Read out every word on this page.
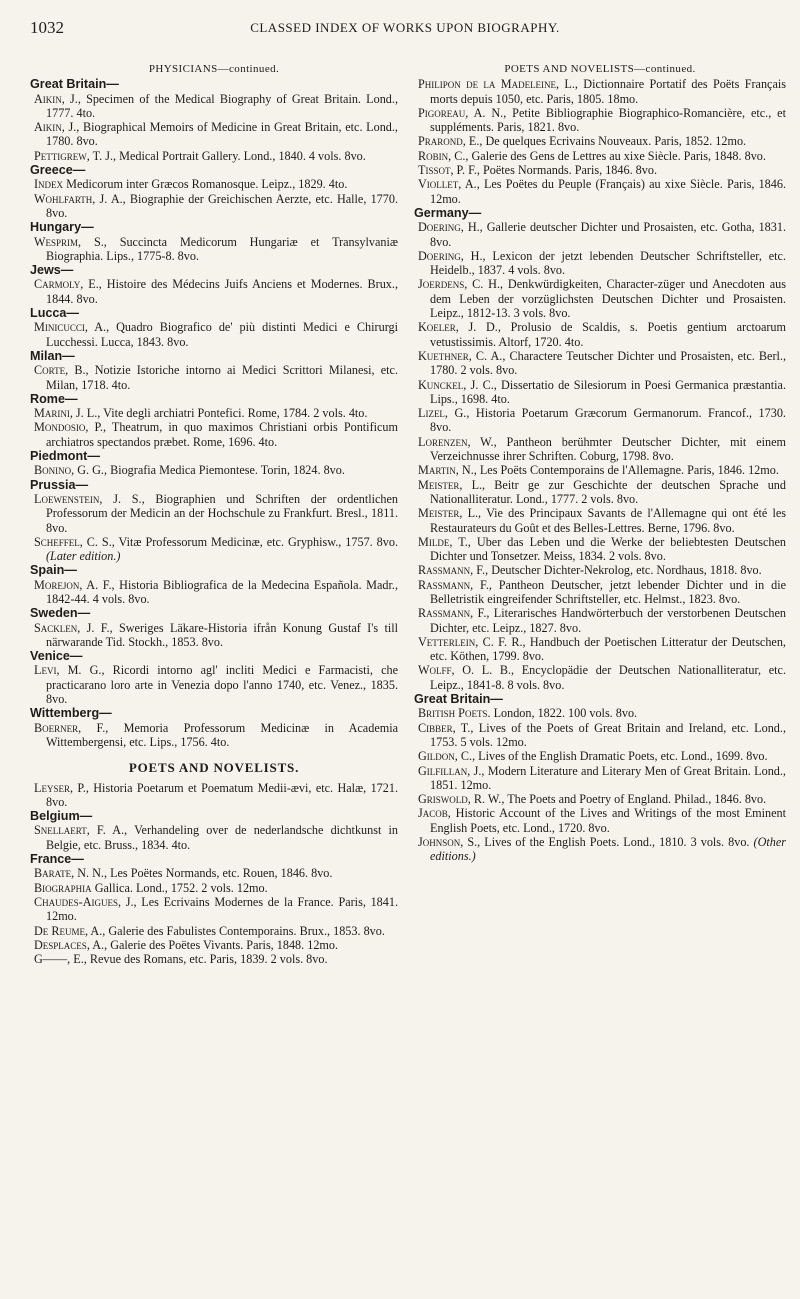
1032	CLASSED INDEX OF WORKS UPON BIOGRAPHY.
PHYSICIANS—continued.
Great Britain—
Aikin, J., Specimen of the Medical Biography of Great Britain. Lond., 1777. 4to.
Aikin, J., Biographical Memoirs of Medicine in Great Britain, etc. Lond., 1780. 8vo.
Pettigrew, T. J., Medical Portrait Gallery. Lond., 1840. 4 vols. 8vo.
Greece—
Index Medicorum inter Græcos Romanosque. Leipz., 1829. 4to.
Wohlfarth, J. A., Biographie der Greichischen Aerzte, etc. Halle, 1770. 8vo.
Hungary—
Wesprim, S., Succincta Medicorum Hungariæ et Transylvaniæ Biographia. Lips., 1775-8. 8vo.
Jews—
Carmoly, E., Histoire des Médecins Juifs Anciens et Modernes. Brux., 1844. 8vo.
Lucca—
Minicucci, A., Quadro Biografico de' più distinti Medici e Chirurgi Lucchessi. Lucca, 1843. 8vo.
Milan—
Corte, B., Notizie Istoriche intorno ai Medici Scrittori Milanesi, etc. Milan, 1718. 4to.
Rome—
Marini, J. L., Vite degli archiatri Pontefici. Rome, 1784. 2 vols. 4to.
Mondosio, P., Theatrum, in quo maximos Christiani orbis Pontificum archiatros spectandos præbet. Rome, 1696. 4to.
Piedmont—
Bonino, G. G., Biografia Medica Piemontese. Torin, 1824. 8vo.
Prussia—
Loewenstein, J. S., Biographien und Schriften der ordentlichen Professorum der Medicin an der Hochschule zu Frankfurt. Bresl., 1811. 8vo.
Scheffel, C. S., Vitæ Professorum Medicinæ, etc. Gryphisw., 1757. 8vo. (Later edition.)
Spain—
Morejon, A. F., Historia Bibliografica de la Medecina Española. Madr., 1842-44. 4 vols. 8vo.
Sweden—
Sacklen, J. F., Sweriges Läkare-Historia ifrån Konung Gustaf I's till närwarande Tid. Stockh., 1853. 8vo.
Venice—
Levi, M. G., Ricordi intorno agl' incliti Medici e Farmacisti, che practicarano loro arte in Venezia dopo l'anno 1740, etc. Venez., 1835. 8vo.
Wittemberg—
Boerner, F., Memoria Professorum Medicinæ in Academia Wittembergensi, etc. Lips., 1756. 4to.
POETS AND NOVELISTS.
Leyser, P., Historia Poetarum et Poematum Medii-ævi, etc. Halæ, 1721. 8vo.
Belgium—
Snellaert, F. A., Verhandeling over de nederlandsche dichtkunst in Belgie, etc. Bruss., 1834. 4to.
France—
Barate, N. N., Les Poëtes Normands, etc. Rouen, 1846. 8vo.
Biographia Gallica. Lond., 1752. 2 vols. 12mo.
Chaudes-Aigues, J., Les Ecrivains Modernes de la France. Paris, 1841. 12mo.
De Reume, A., Galerie des Fabulistes Contemporains. Brux., 1853. 8vo.
Desplaces, A., Galerie des Poëtes Vivants. Paris, 1848. 12mo.
G——, E., Revue des Romans, etc. Paris, 1839. 2 vols. 8vo.
POETS AND NOVELISTS—continued.
Philipon de la Madeleine, L., Dictionnaire Portatif des Poëts Français morts depuis 1050, etc. Paris, 1805. 18mo.
Pigoreau, A. N., Petite Bibliographie Biographico-Romancière, etc., et suppléments. Paris, 1821. 8vo.
Prarond, E., De quelques Ecrivains Nouveaux. Paris, 1852. 12mo.
Robin, C., Galerie des Gens de Lettres au xixe Siècle. Paris, 1848. 8vo.
Tissot, P. F., Poëtes Normands. Paris, 1846. 8vo.
Viollet, A., Les Poëtes du Peuple (Français) au xixe Siècle. Paris, 1846. 12mo.
Germany—
Doering, H., Gallerie deutscher Dichter und Prosaisten, etc. Gotha, 1831. 8vo.
Doering, H., Lexicon der jetzt lebenden Deutscher Schriftsteller, etc. Heidelb., 1837. 4 vols. 8vo.
Joerdens, C. H., Denkwürdigkeiten, Character-züger und Anecdoten aus dem Leben der vorzüglichsten Deutschen Dichter und Prosaisten. Leipz., 1812-13. 3 vols. 8vo.
Koeler, J. D., Prolusio de Scaldis, s. Poetis gentium arctoarum vetustissimis. Altorf, 1720. 4to.
Kuethner, C. A., Charactere Teutscher Dichter und Prosaisten, etc. Berl., 1780. 2 vols. 8vo.
Kunckel, J. C., Dissertatio de Silesiorum in Poesi Germanica præstantia. Lips., 1698. 4to.
Lizel, G., Historia Poetarum Græcorum Germanorum. Francof., 1730. 8vo.
Lorenzen, W., Pantheon berühmter Deutscher Dichter, mit einem Verzeichnusse ihrer Schriften. Coburg, 1798. 8vo.
Martin, N., Les Poëts Contemporains de l'Allemagne. Paris, 1846. 12mo.
Meister, L., Beitr ge zur Geschichte der deutschen Sprache und Nationalliteratur. Lond., 1777. 2 vols. 8vo.
Meister, L., Vie des Principaux Savants de l'Allemagne qui ont été les Restaurateurs du Goût et des Belles-Lettres. Berne, 1796. 8vo.
Milde, T., Uber das Leben und die Werke der beliebtesten Deutschen Dichter und Tonsetzer. Meiss, 1834. 2 vols. 8vo.
Rassmann, F., Deutscher Dichter-Nekrolog, etc. Nordhaus, 1818. 8vo.
Rassmann, F., Pantheon Deutscher, jetzt lebender Dichter und in die Belletristik eingreifender Schriftsteller, etc. Helmst., 1823. 8vo.
Rassmann, F., Literarisches Handwörterbuch der verstorbenen Deutschen Dichter, etc. Leipz., 1827. 8vo.
Vetterlein, C. F. R., Handbuch der Poetischen Litteratur der Deutschen, etc. Köthen, 1799. 8vo.
Wolff, O. L. B., Encyclopädie der Deutschen Nationalliteratur, etc. Leipz., 1841-8. 8 vols. 8vo.
Great Britain—
British Poets. London, 1822. 100 vols. 8vo.
Cibber, T., Lives of the Poets of Great Britain and Ireland, etc. Lond., 1753. 5 vols. 12mo.
Gildon, C., Lives of the English Dramatic Poets, etc. Lond., 1699. 8vo.
Gilfillan, J., Modern Literature and Literary Men of Great Britain. Lond., 1851. 12mo.
Griswold, R. W., The Poets and Poetry of England. Philad., 1846. 8vo.
Jacob, Historic Account of the Lives and Writings of the most Eminent English Poets, etc. Lond., 1720. 8vo.
Johnson, S., Lives of the English Poets. Lond., 1810. 3 vols. 8vo. (Other editions.)
